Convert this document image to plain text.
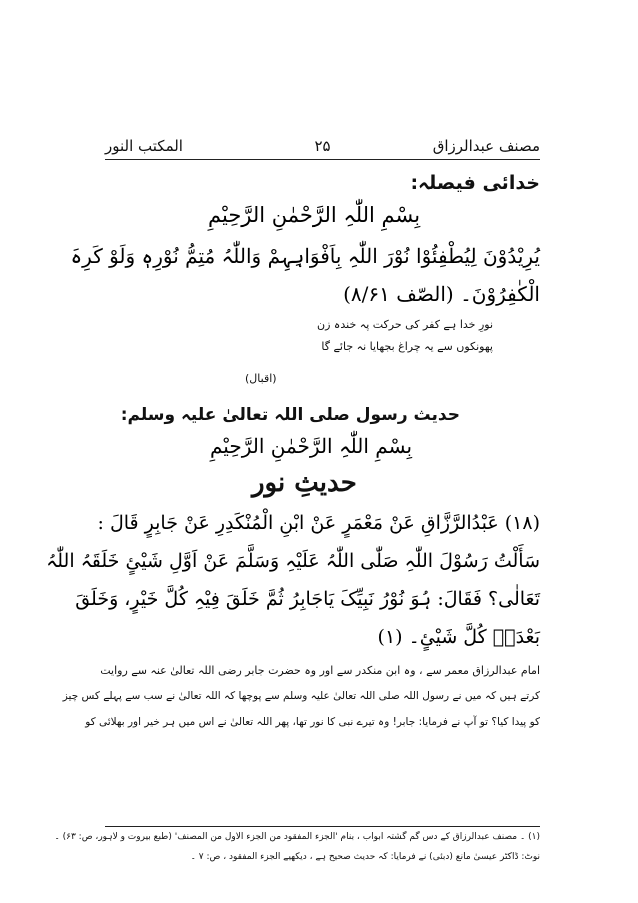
مصنف عبدالرزاق
۲۵
المکتب النور
خدائی فیصلہ:
بِسْمِ اللّٰہِ الرَّحْمٰنِ الرَّحِیْمِ
یُرِیْدُوْنَ لِیُطْفِئُوْا نُوْرَ اللّٰہِ بِاَفْوَاہِہِمْ وَاللّٰہُ مُتِمُّ نُوْرِہٖ وَلَوْ کَرِہَ
الْکٰفِرُوْنَ۔ (الصّف ۸/۶۱)
نورِ خدا ہے کفر کی حرکت پہ خندہ زن
پھونکوں سے یہ چراغ بجھایا نہ جائے گا
(اقبال)
حدیث رسول صلی اللہ تعالیٰ علیہ وسلم:
بِسْمِ اللّٰہِ الرَّحْمٰنِ الرَّحِیْمِ
حدیثِ نور
(۱۸) عَبْدُالرَّزَّاقِ عَنْ مَعْمَرٍ عَنْ ابْنِ الْمُنْکَدِرِ عَنْ جَابِرٍ قَالَ :
سَأَلْتُ رَسُوْلَ اللّٰہِ صَلّٰی اللّٰہُ عَلَیْہِ وَسَلَّمَ عَنْ اَوَّلِ شَیْئٍ خَلَقَہُ اللّٰہُ
تَعَالٰی؟ فَقَالَ: ہُوَ نُوْرُ نَبِیِّکَ یَاجَابِرُ ثُمَّ خَلَقَ فِیْہِ کُلَّ خَیْرٍ، وَخَلَقَ
بَعْدَہٗ کُلَّ شَیْئٍ۔ (۱)
امام عبدالرزاق معمر سے ، وہ ابن منکدر سے اور وہ حضرت جابر رضی اللہ تعالیٰ عنہ سے روایت
کرتے ہیں کہ میں نے رسول اللہ صلی اللہ تعالیٰ علیہ وسلم سے پوچھا کہ اللہ تعالیٰ نے سب سے پہلے کس چیز
کو پیدا کیا؟ تو آپ نے فرمایا: جابر! وہ تیرے نبی کا نور تھا، پھر اللہ تعالیٰ نے اس میں ہر خیر اور بھلائی کو
(۱) ۔ مصنف عبدالرزاق کے دس گم گشتہ ابواب ، بنام 'الجزء المفقود من الجزء الاول من المصنف' (طبع بیروت و لاہور، ص: ۶۳) ۔
نوٹ: ڈاکٹر عیسیٰ مانع (دبئی) نے فرمایا: کہ حدیث صحیح ہے ، دیکھیے الجزء المفقود ، ص: ۷ ۔
